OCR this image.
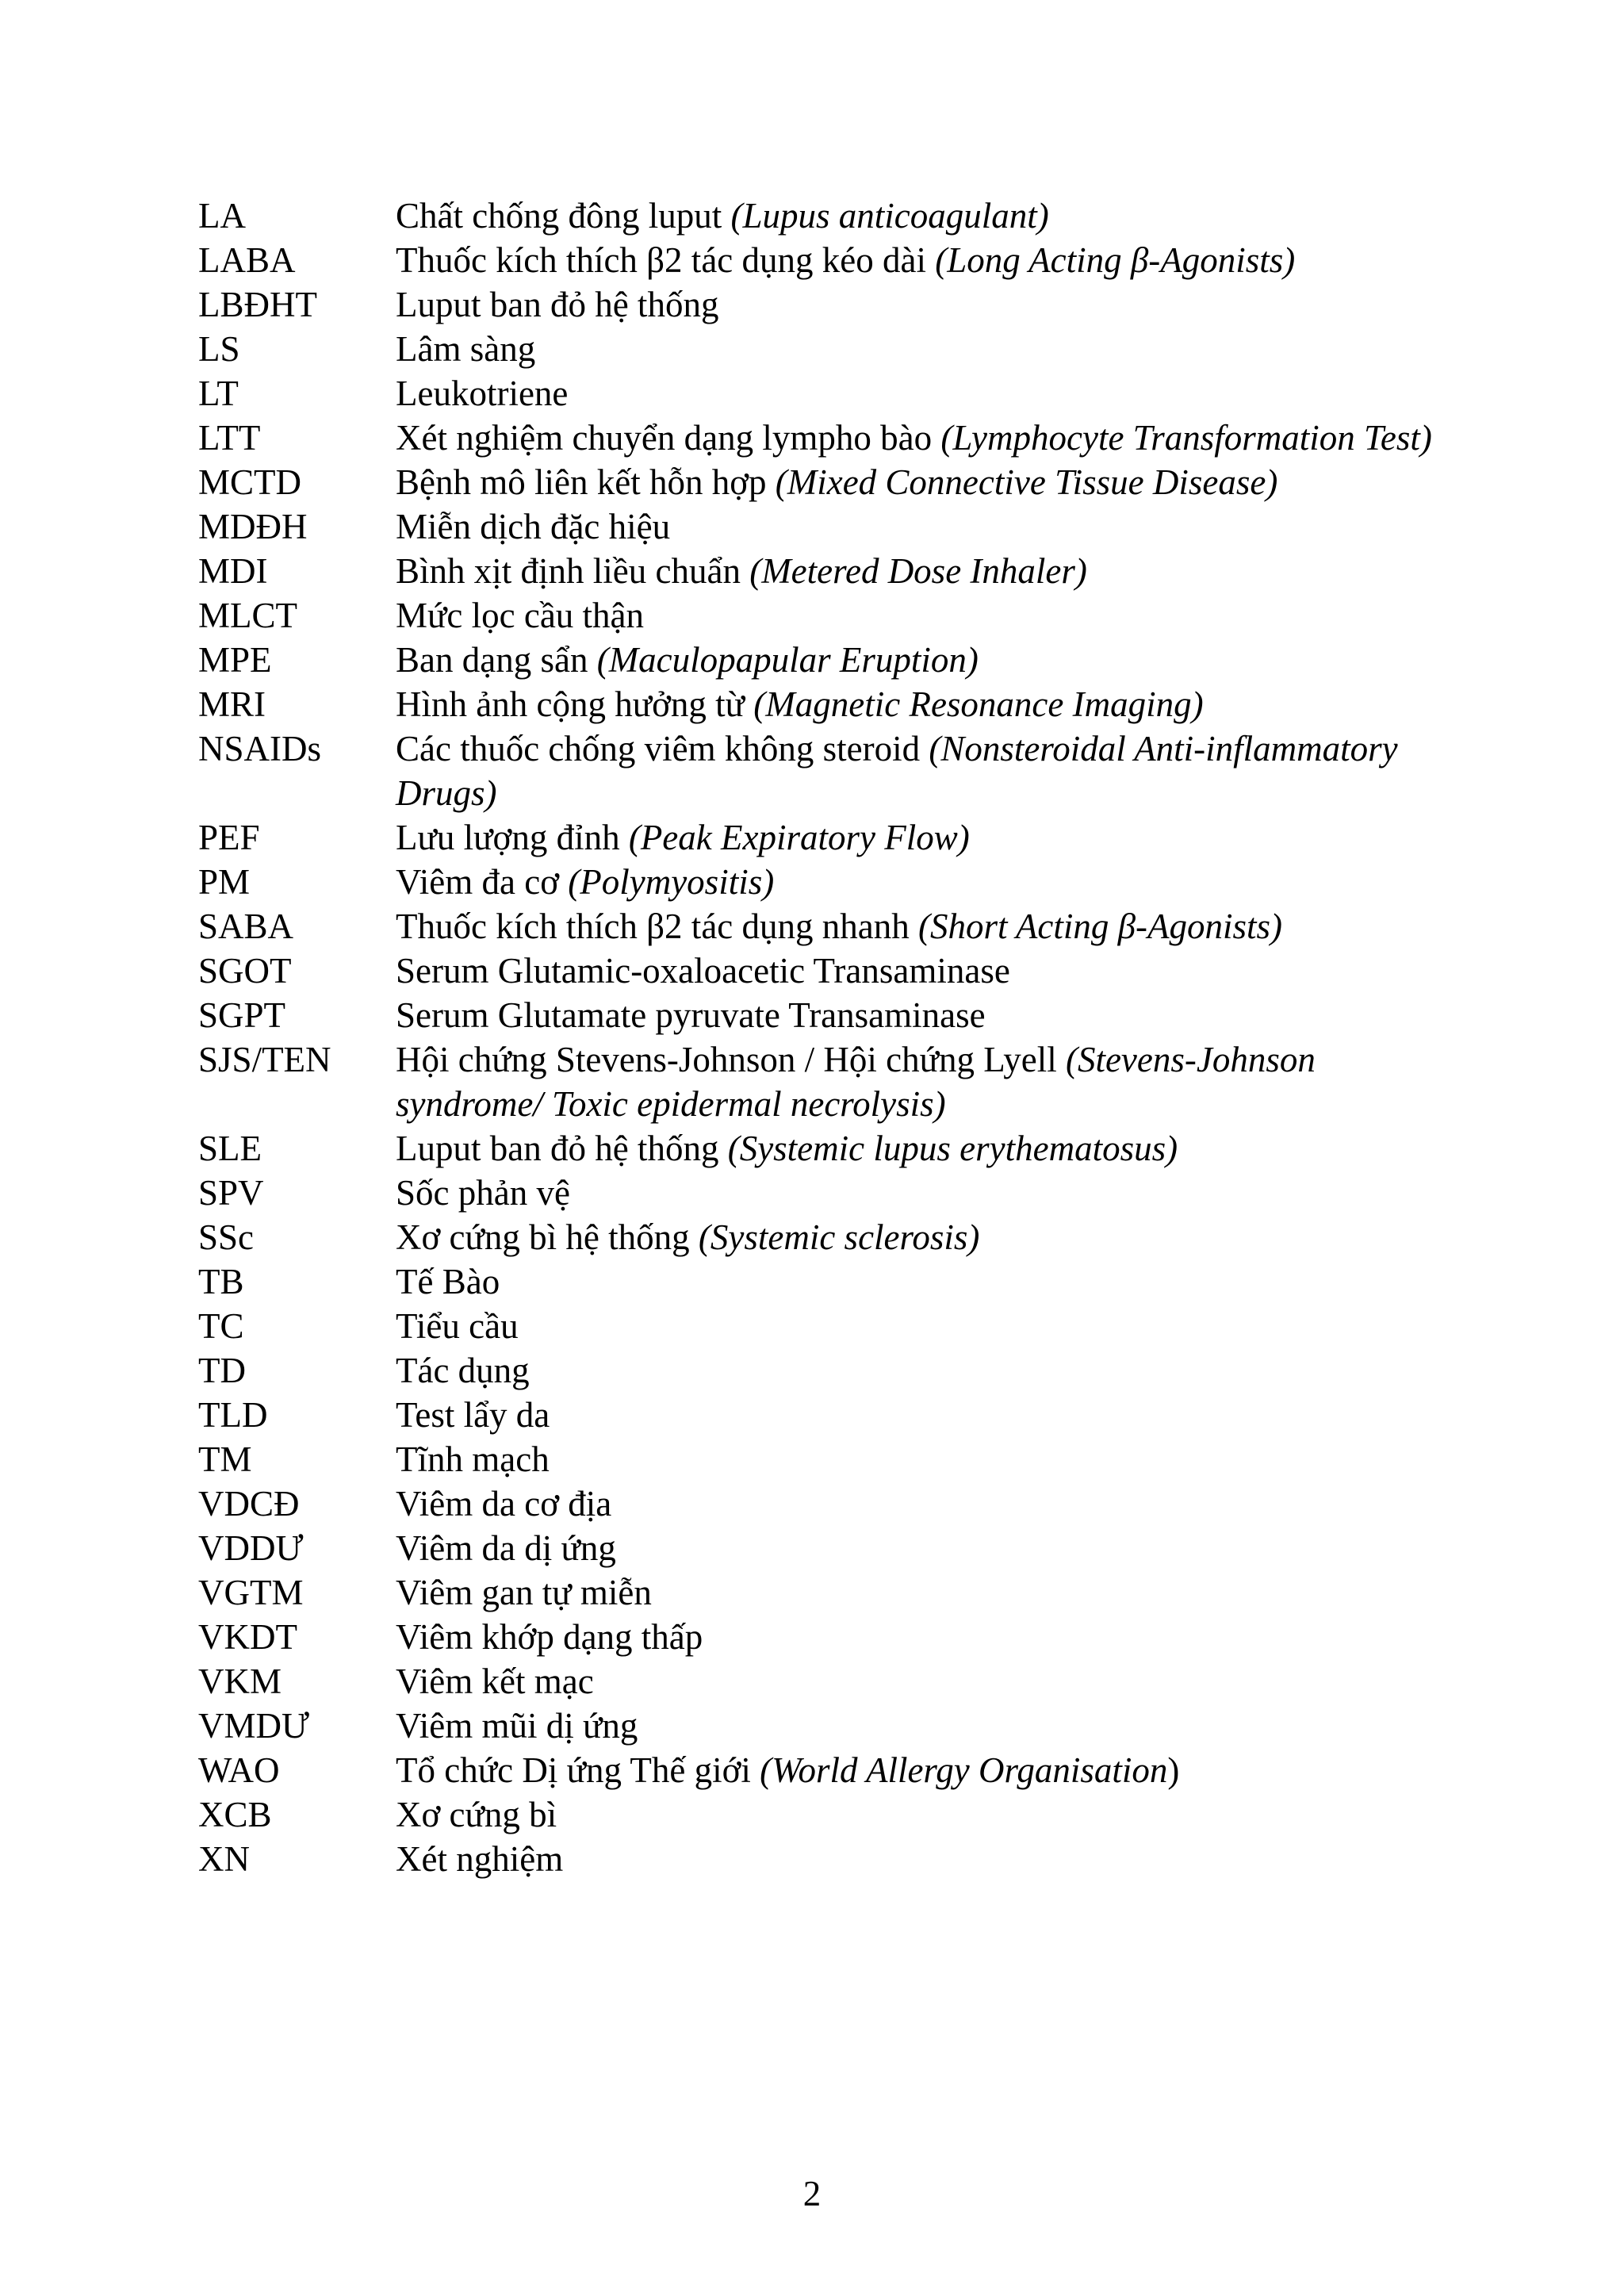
LA	Chất chống đông luput (Lupus anticoagulant)
LABA	Thuốc kích thích β2 tác dụng kéo dài (Long Acting β-Agonists)
LBĐHT	Luput ban đỏ hệ thống
LS	Lâm sàng
LT	Leukotriene
LTT	Xét nghiệm chuyển dạng lympho bào (Lymphocyte Transformation Test)
MCTD	Bệnh mô liên kết hỗn hợp (Mixed Connective Tissue Disease)
MDĐH	Miễn dịch đặc hiệu
MDI	Bình xịt định liều chuẩn (Metered Dose Inhaler)
MLCT	Mức lọc cầu thận
MPE	Ban dạng sẩn (Maculopapular Eruption)
MRI	Hình ảnh cộng hưởng từ (Magnetic Resonance Imaging)
NSAIDs	Các thuốc chống viêm không steroid (Nonsteroidal Anti-inflammatory Drugs)
PEF	Lưu lượng đỉnh (Peak Expiratory Flow)
PM	Viêm đa cơ (Polymyositis)
SABA	Thuốc kích thích β2 tác dụng nhanh (Short Acting β-Agonists)
SGOT	Serum Glutamic-oxaloacetic Transaminase
SGPT	Serum Glutamate pyruvate Transaminase
SJS/TEN	Hội chứng Stevens-Johnson / Hội chứng Lyell (Stevens-Johnson syndrome/ Toxic epidermal necrolysis)
SLE	Luput ban đỏ hệ thống (Systemic lupus erythematosus)
SPV	Sốc phản vệ
SSc	Xơ cứng bì hệ thống (Systemic sclerosis)
TB	Tế Bào
TC	Tiểu cầu
TD	Tác dụng
TLD	Test lẩy da
TM	Tĩnh mạch
VDCĐ	Viêm da cơ địa
VDDƯ	Viêm da dị ứng
VGTM	Viêm gan tự miễn
VKDT	Viêm khớp dạng thấp
VKM	Viêm kết mạc
VMDƯ	Viêm mũi dị ứng
WAO	Tổ chức Dị ứng Thế giới (World Allergy Organisation)
XCB	Xơ cứng bì
XN	Xét nghiệm
2
